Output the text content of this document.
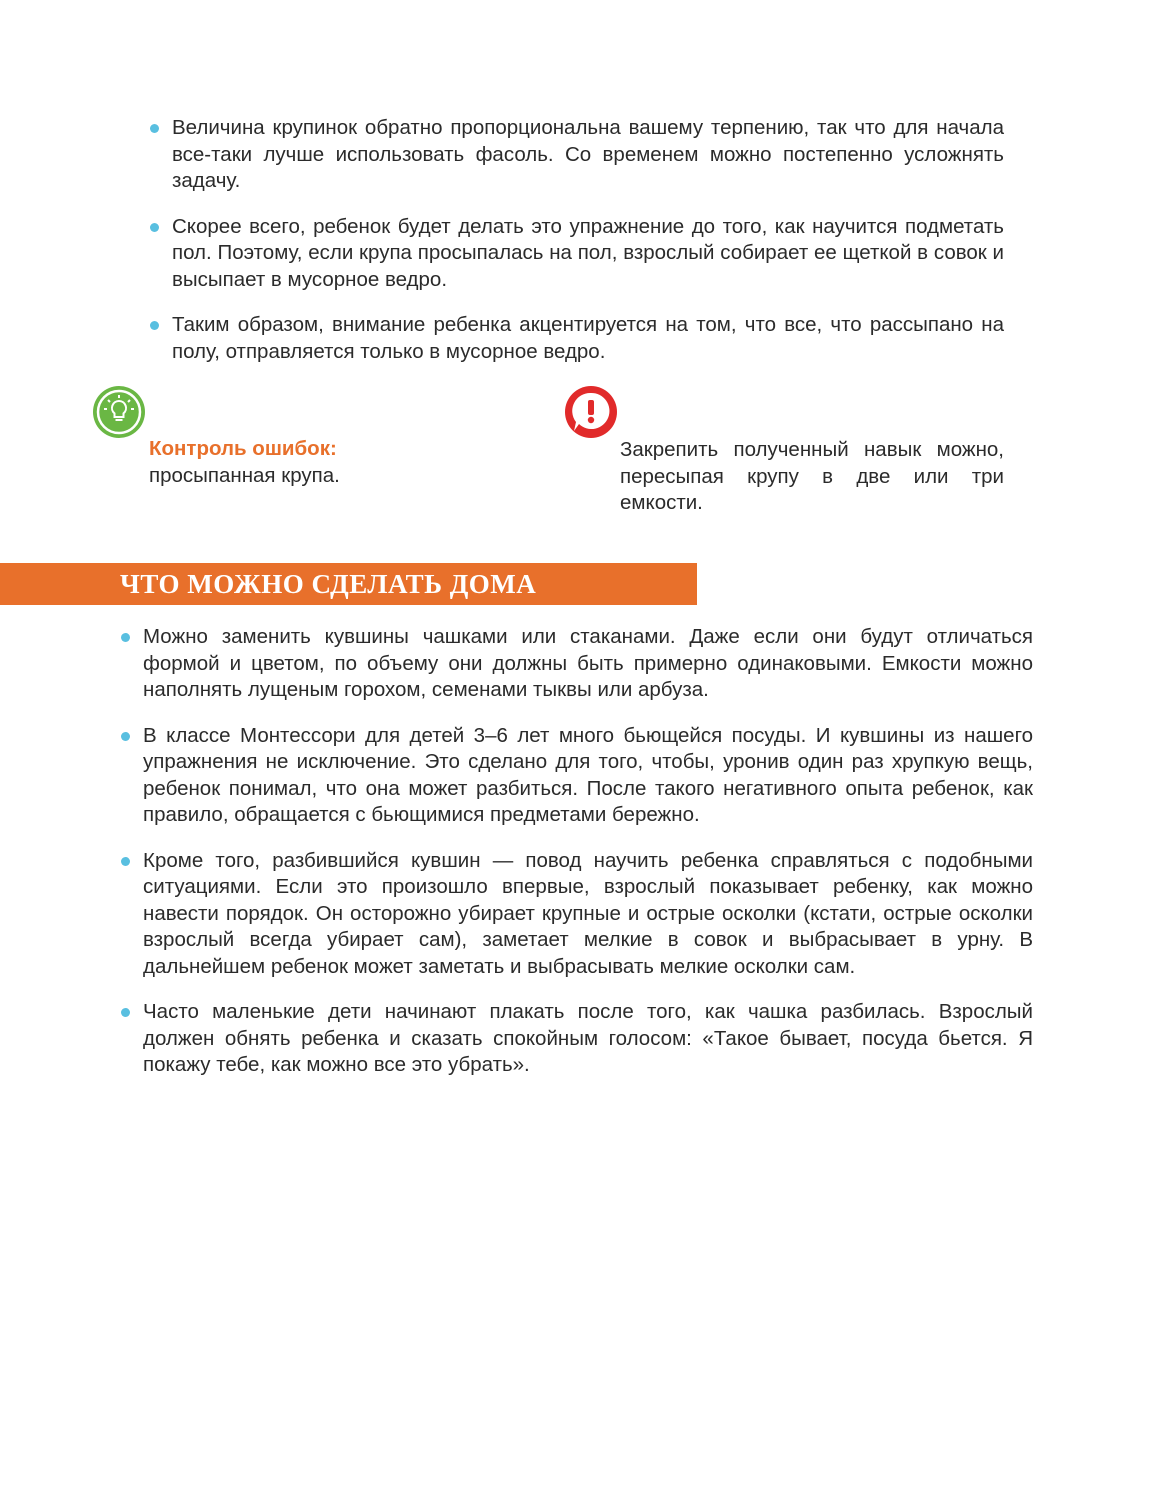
Величина крупинок обратно пропорциональна вашему терпению, так что для начала все-таки лучше использовать фасоль. Со временем можно постепенно усложнять задачу.
Скорее всего, ребенок будет делать это упражнение до того, как научится подметать пол. Поэтому, если крупа просыпалась на пол, взрослый собирает ее щеткой в совок и высыпает в мусорное ведро.
Таким образом, внимание ребенка акцентируется на том, что все, что рассыпано на полу, отправляется только в мусорное ведро.
Контроль ошибок:
просыпанная крупа.
Закрепить полученный навык можно, пересыпая крупу в две или три емкости.
ЧТО МОЖНО СДЕЛАТЬ ДОМА
Можно заменить кувшины чашками или стаканами. Даже если они будут отличаться формой и цветом, по объему они должны быть примерно одинаковыми. Емкости можно наполнять лущеным горохом, семенами тыквы или арбуза.
В классе Монтессори для детей 3–6 лет много бьющейся посуды. И кувшины из нашего упражнения не исключение. Это сделано для того, чтобы, уронив один раз хрупкую вещь, ребенок понимал, что она может разбиться. После такого негативного опыта ребенок, как правило, обращается с бьющимися предметами бережно.
Кроме того, разбившийся кувшин — повод научить ребенка справляться с подобными ситуациями. Если это произошло впервые, взрослый показывает ребенку, как можно навести порядок. Он осторожно убирает крупные и острые осколки (кстати, острые осколки взрослый всегда убирает сам), заметает мелкие в совок и выбрасывает в урну. В дальнейшем ребенок может заметать и выбрасывать мелкие осколки сам.
Часто маленькие дети начинают плакать после того, как чашка разбилась. Взрослый должен обнять ребенка и сказать спокойным голосом: «Такое бывает, посуда бьется. Я покажу тебе, как можно все это убрать».
